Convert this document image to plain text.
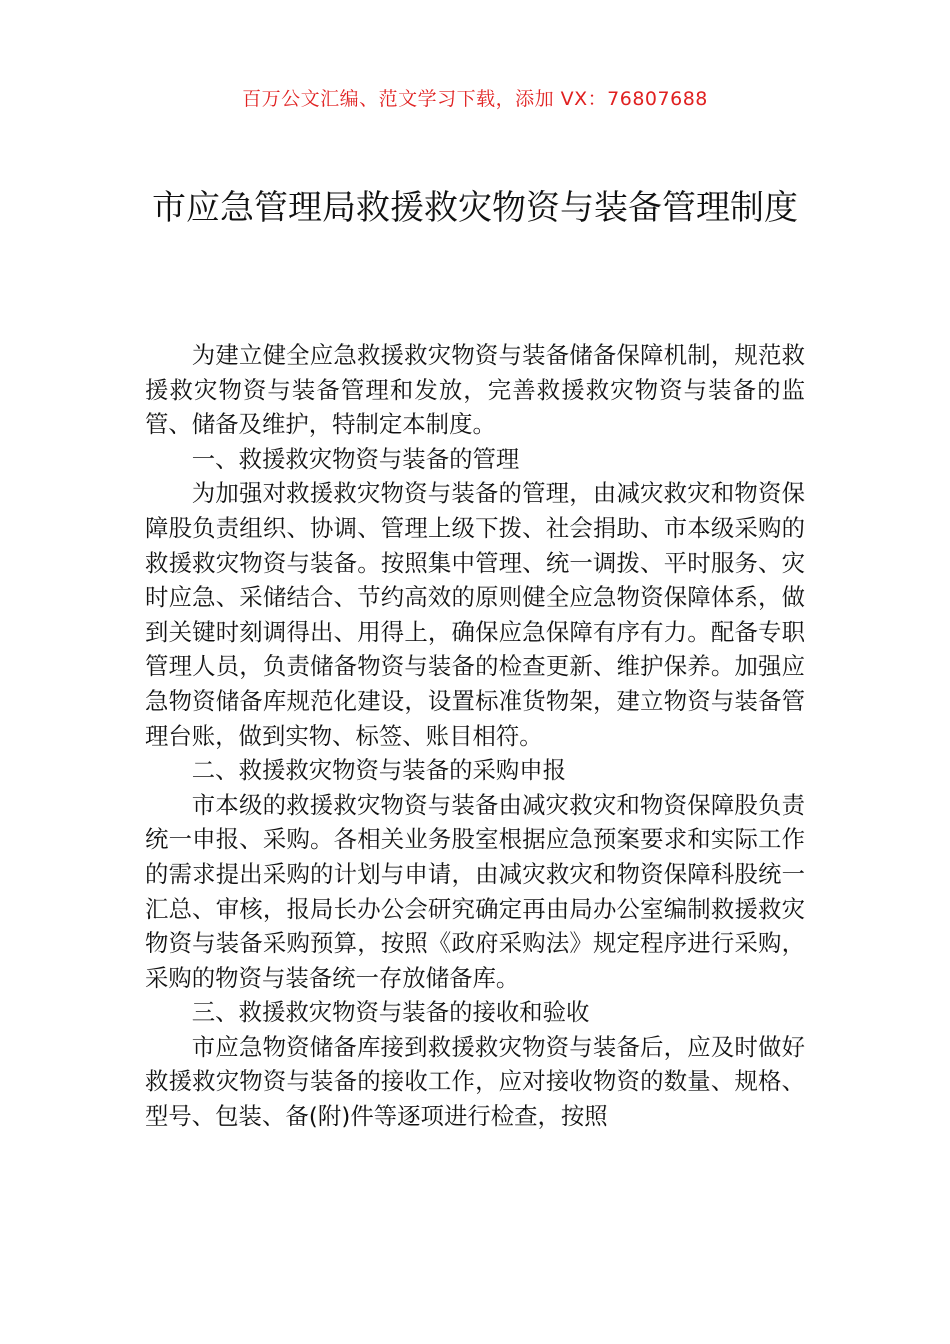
百万公文汇编、范文学习下载，添加 VX：76807688
市应急管理局救援救灾物资与装备管理制度

为建立健全应急救援救灾物资与装备储备保障机制，规范救援救灾物资与装备管理和发放，完善救援救灾物资与装备的监管、储备及维护，特制定本制度。

一、救援救灾物资与装备的管理

为加强对救援救灾物资与装备的管理，由减灾救灾和物资保障股负责组织、协调、管理上级下拨、社会捐助、市本级采购的救援救灾物资与装备。按照集中管理、统一调拨、平时服务、灾时应急、采储结合、节约高效的原则健全应急物资保障体系，做到关键时刻调得出、用得上，确保应急保障有序有力。配备专职管理人员，负责储备物资与装备的检查更新、维护保养。加强应急物资储备库规范化建设，设置标准货物架，建立物资与装备管理台账，做到实物、标签、账目相符。

二、救援救灾物资与装备的采购申报

市本级的救援救灾物资与装备由减灾救灾和物资保障股负责统一申报、采购。各相关业务股室根据应急预案要求和实际工作的需求提出采购的计划与申请，由减灾救灾和物资保障科股统一汇总、审核，报局长办公会研究确定再由局办公室编制救援救灾物资与装备采购预算，按照《政府采购法》规定程序进行采购，采购的物资与装备统一存放储备库。

三、救援救灾物资与装备的接收和验收

市应急物资储备库接到救援救灾物资与装备后，应及时做好救援救灾物资与装备的接收工作，应对接收物资的数量、规格、型号、包装、备(附)件等逐项进行检查，按照
